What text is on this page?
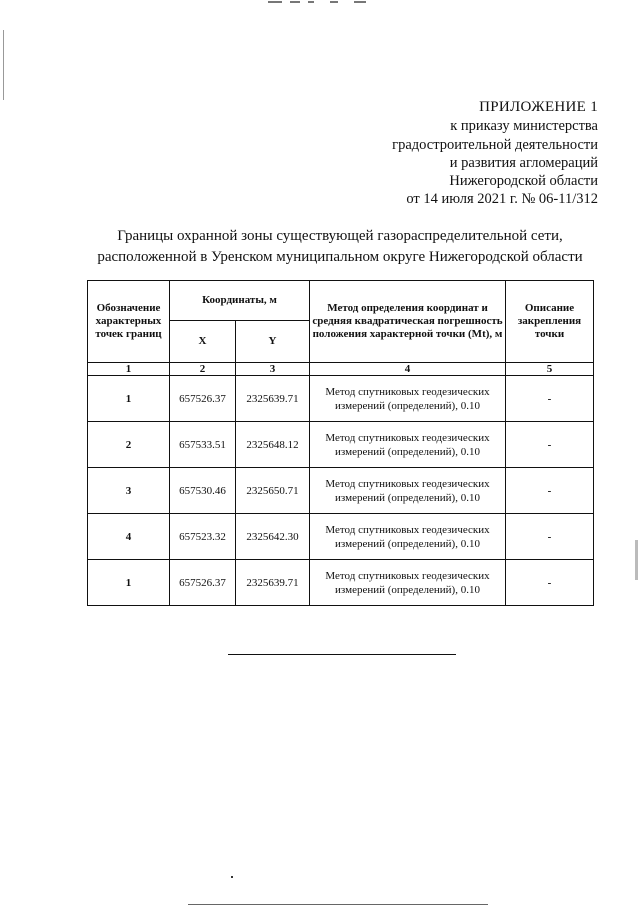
ПРИЛОЖЕНИЕ 1
к приказу министерства
градостроительной деятельности
и развития агломераций
Нижегородской области
от 14 июля 2021 г. № 06-11/312
Границы охранной зоны существующей газораспределительной сети,
расположенной в Уренском муниципальном округе Нижегородской области
Обозначение характерных точек границ	Координаты, м		Метод определения координат и средняя квадратическая погрешность положения характерной точки (Mt), м	Описание закрепления точки
	X	Y		
1	2	3	4	5
1	657526.37	2325639.71	Метод спутниковых геодезических измерений (определений), 0.10	-
2	657533.51	2325648.12	Метод спутниковых геодезических измерений (определений), 0.10	-
3	657530.46	2325650.71	Метод спутниковых геодезических измерений (определений), 0.10	-
4	657523.32	2325642.30	Метод спутниковых геодезических измерений (определений), 0.10	-
1	657526.37	2325639.71	Метод спутниковых геодезических измерений (определений), 0.10	-
